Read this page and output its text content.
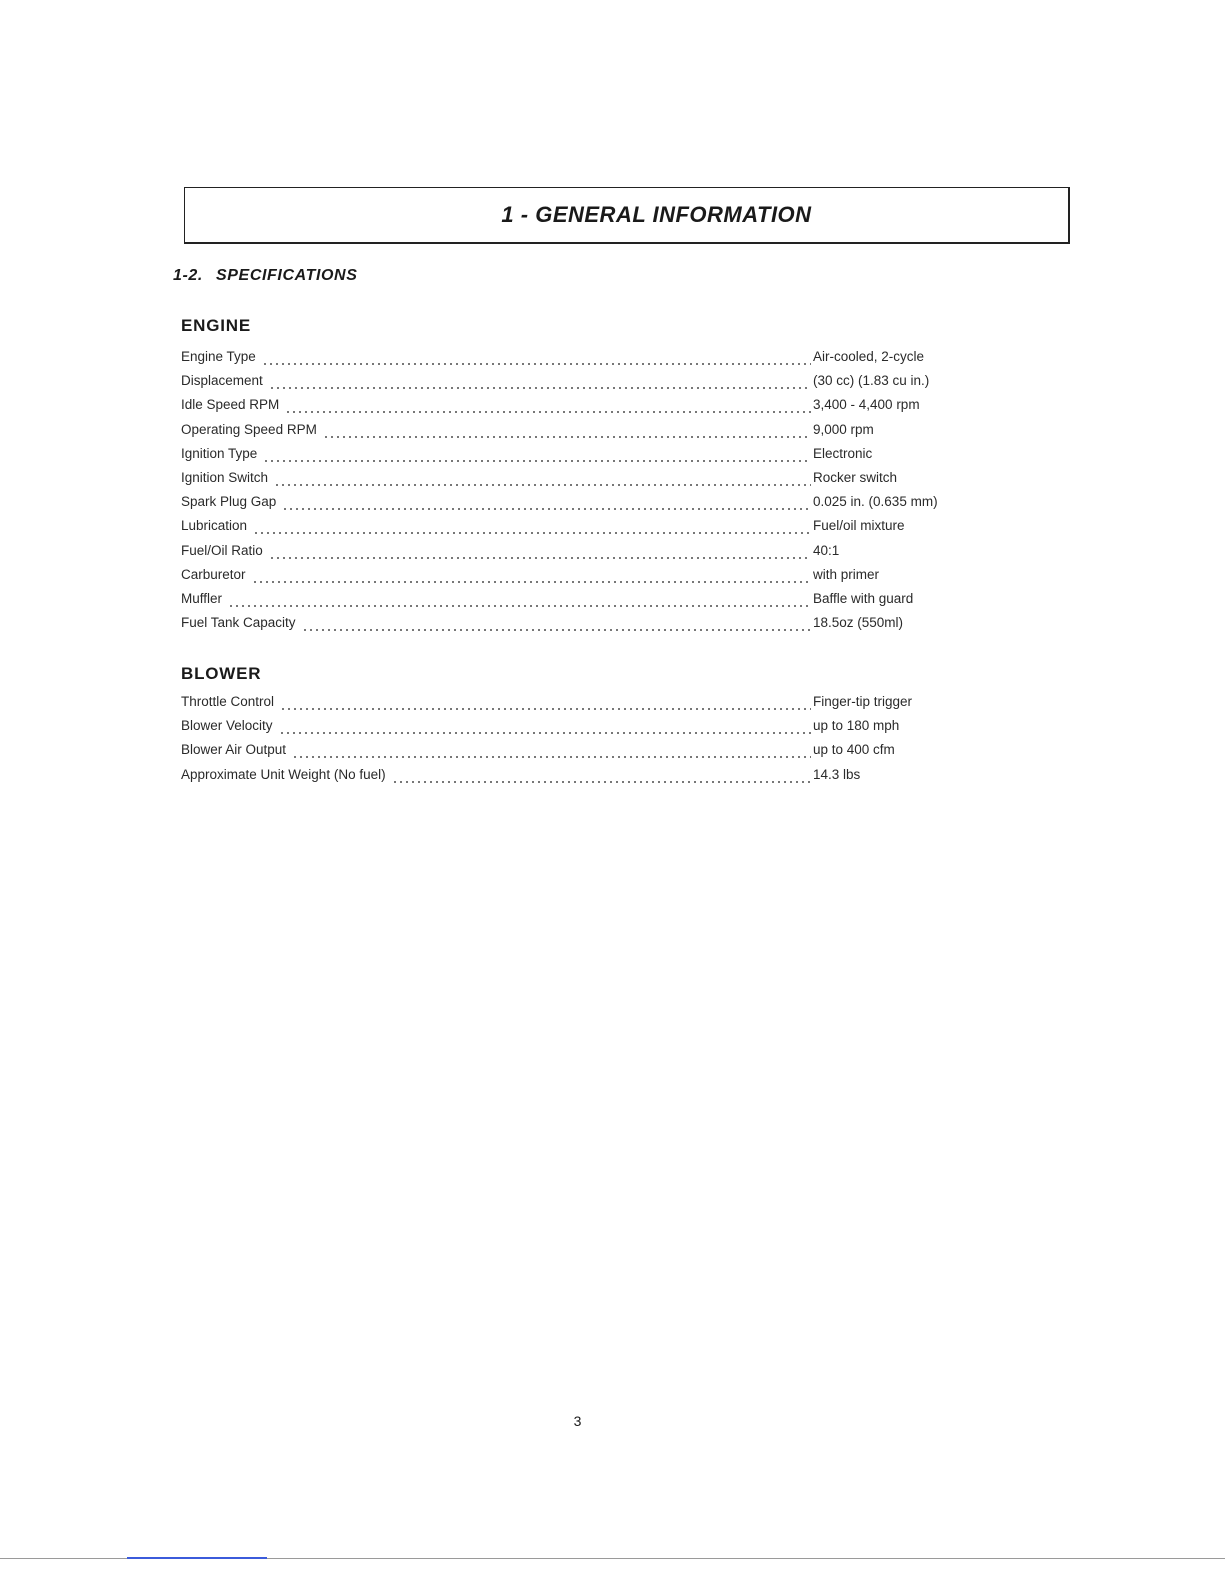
1 - GENERAL INFORMATION
1-2. SPECIFICATIONS
ENGINE
Engine Type	Air-cooled, 2-cycle
Displacement	(30 cc) (1.83 cu in.)
Idle Speed RPM	3,400 - 4,400 rpm
Operating Speed RPM	9,000 rpm
Ignition Type	Electronic
Ignition Switch	Rocker switch
Spark Plug Gap	0.025 in. (0.635 mm)
Lubrication	Fuel/oil mixture
Fuel/Oil Ratio	40:1
Carburetor	with primer
Muffler	Baffle with guard
Fuel Tank Capacity	18.5oz (550ml)
BLOWER
Throttle Control	Finger-tip trigger
Blower Velocity	up to 180 mph
Blower Air Output	up to 400 cfm
Approximate Unit Weight (No fuel)	14.3 lbs
3
